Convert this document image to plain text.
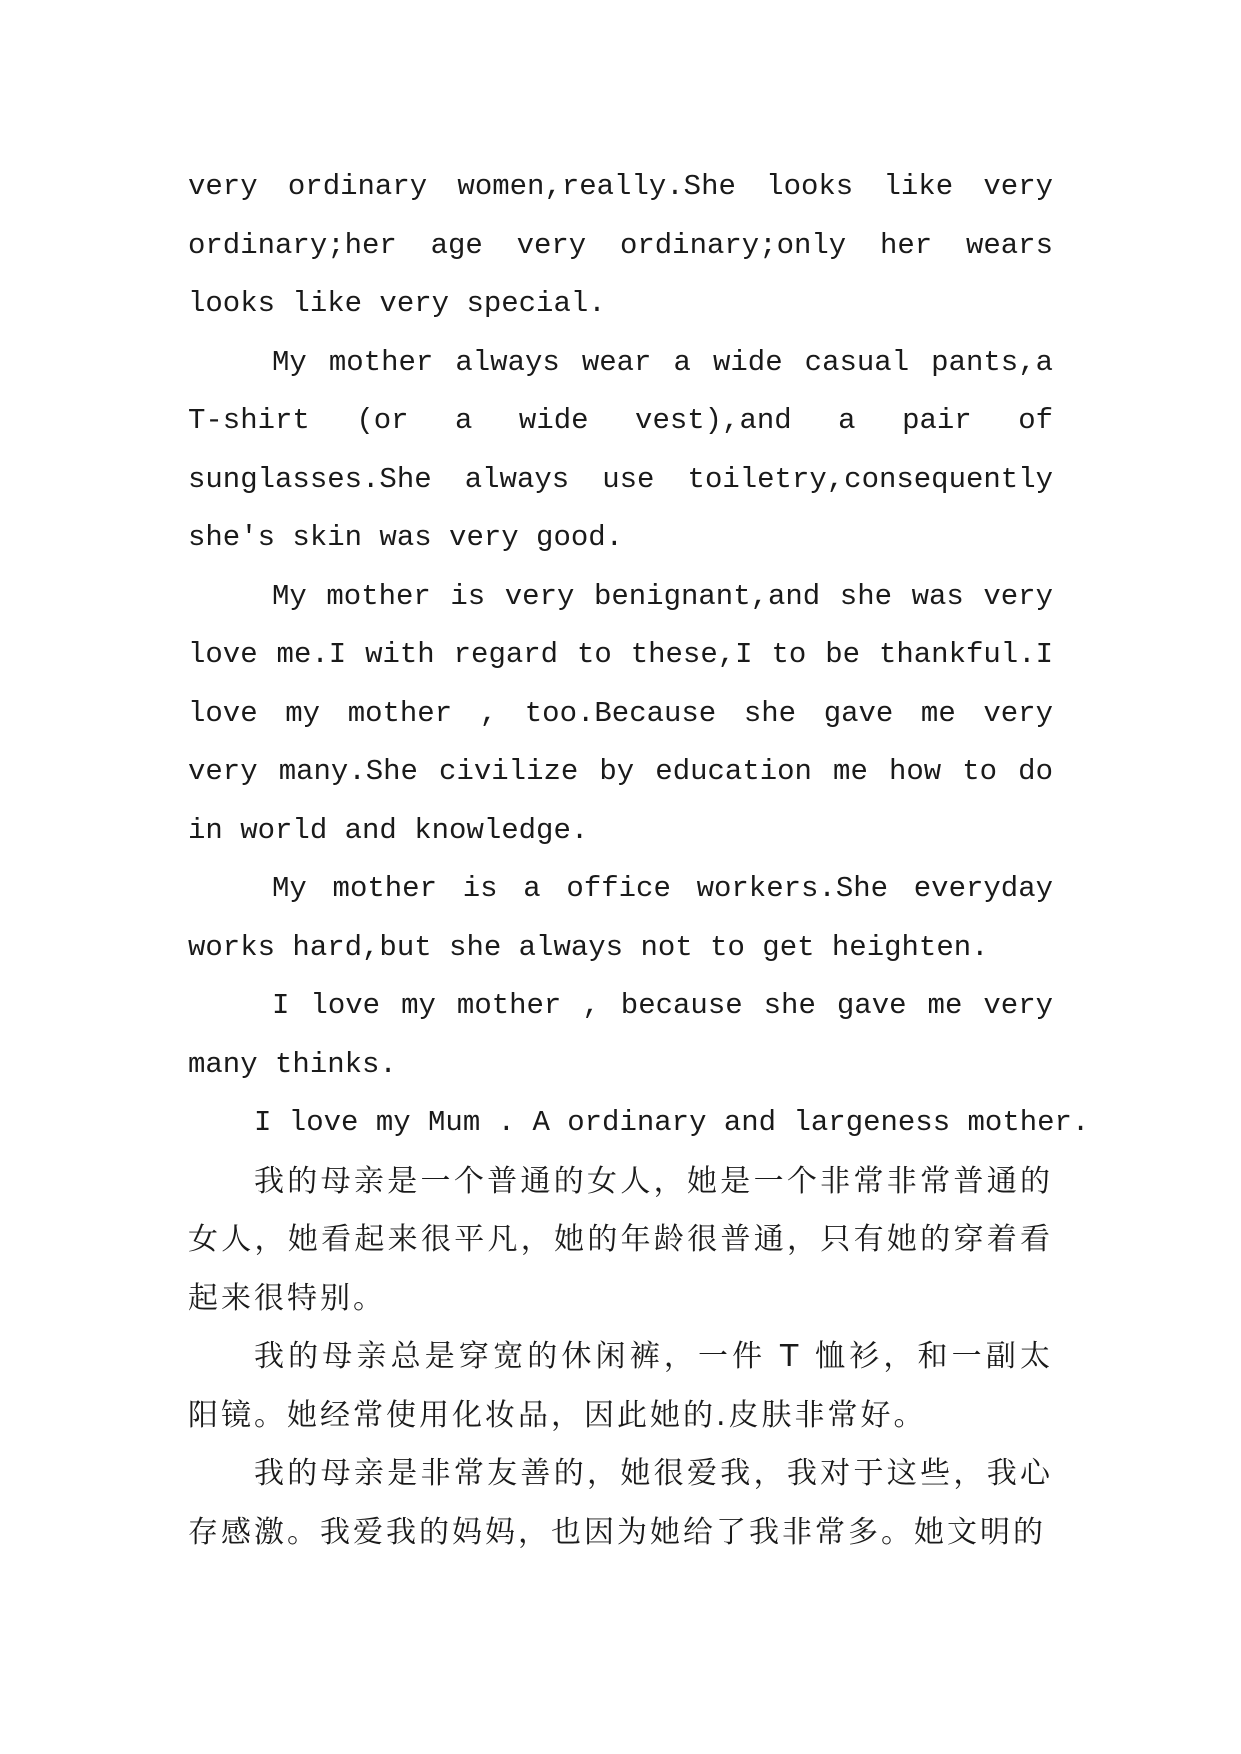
very ordinary women,really.She looks like very ordinary;her age very ordinary;only her wears looks like very special.

My mother always wear a wide casual pants,a T-shirt (or a wide vest),and a pair of sunglasses.She always use toiletry,consequently she's skin was very good.

My mother is very benignant,and she was very love me.I with regard to these,I to be thankful.I love my mother , too.Because she gave me very very many.She civilize by education me how to do in world and knowledge.

My mother is a office workers.She everyday works hard,but she always not to get heighten.

I love my mother , because she gave me very many thinks.

I love my Mum . A ordinary and largeness mother.

我的母亲是一个普通的女人，她是一个非常非常普通的女人，她看起来很平凡，她的年龄很普通，只有她的穿着看起来很特别。

我的母亲总是穿宽的休闲裤，一件 T 恤衫，和一副太阳镜。她经常使用化妆品，因此她的.皮肤非常好。

我的母亲是非常友善的，她很爱我，我对于这些，我心存感激。我爱我的妈妈，也因为她给了我非常多。她文明的
